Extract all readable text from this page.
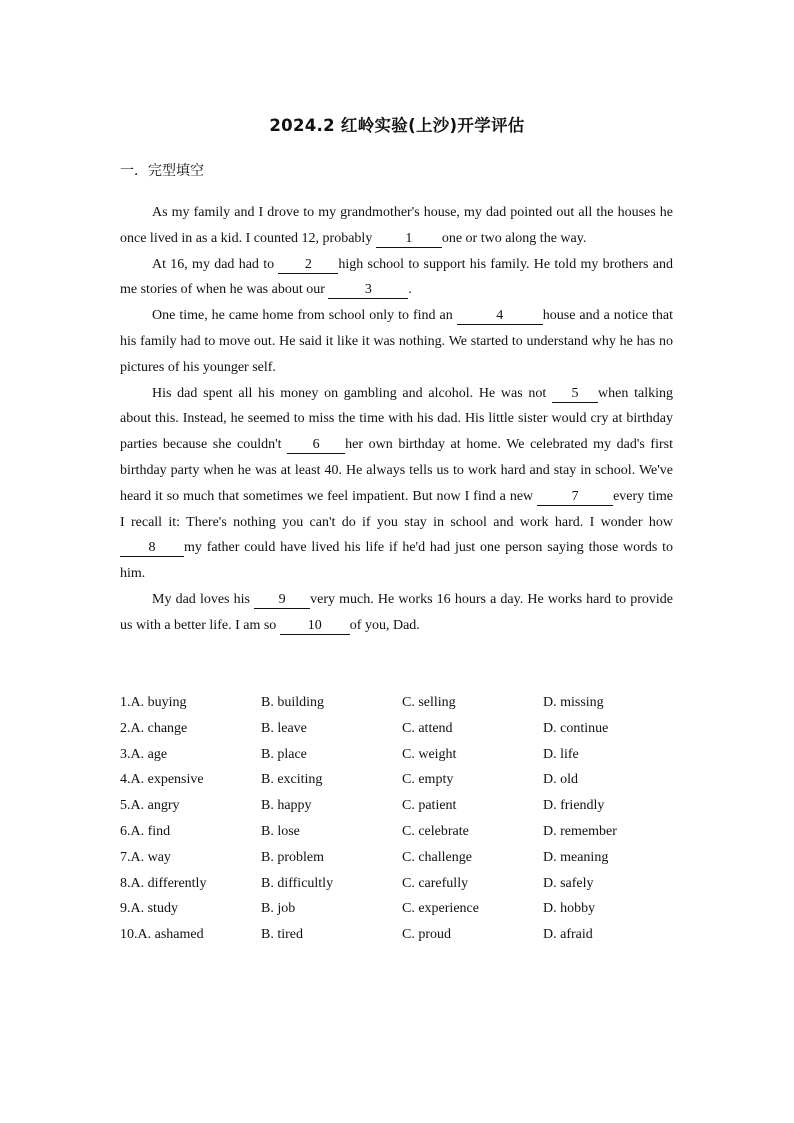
2024.2 红岭实验(上沙)开学评估
一．完型填空

As my family and I drove to my grandmother's house, my dad pointed out all the houses he once lived in as a kid. I counted 12, probably 1 one or two along the way.

At 16, my dad had to 2 high school to support his family. He told my brothers and me stories of when he was about our	3	.

One time, he came home from school only to find an	4	house and a notice that his family had to move out. He said it like it was nothing. We started to understand why he has no pictures of his younger self.

His dad spent all his money on gambling and alcohol. He was not 5 when talking about this. Instead, he seemed to miss the time with his dad. His little sister would cry at birthday parties because she couldn't 6 her own birthday at home. We celebrated my dad's first birthday party when he was at least 40. He always tells us to work hard and stay in school. We've heard it so much that sometimes we feel impatient. But now I find a new 7 every time I recall it: There's nothing you can't do if you stay in school and work hard. I wonder how 8 my father could have lived his life if he'd had just one person saying those words to him.

My dad loves his 9 very much. He works 16 hours a day. He works hard to provide us with a better life. I am so 10 of you, Dad.

1.A. buying	B. building	C. selling	D. missing
2.A. change	B. leave	C. attend	D. continue
3.A. age	B. place	C. weight	D. life
4.A. expensive	B. exciting	C. empty	D. old
5.A. angry	B. happy	C. patient	D. friendly
6.A. find	B. lose	C. celebrate	D. remember
7.A. way	B. problem	C. challenge	D. meaning
8.A. differently	B. difficultly	C. carefully	D. safely
9.A. study	B. job	C. experience	D. hobby
10.A. ashamed	B. tired	C. proud	D. afraid
